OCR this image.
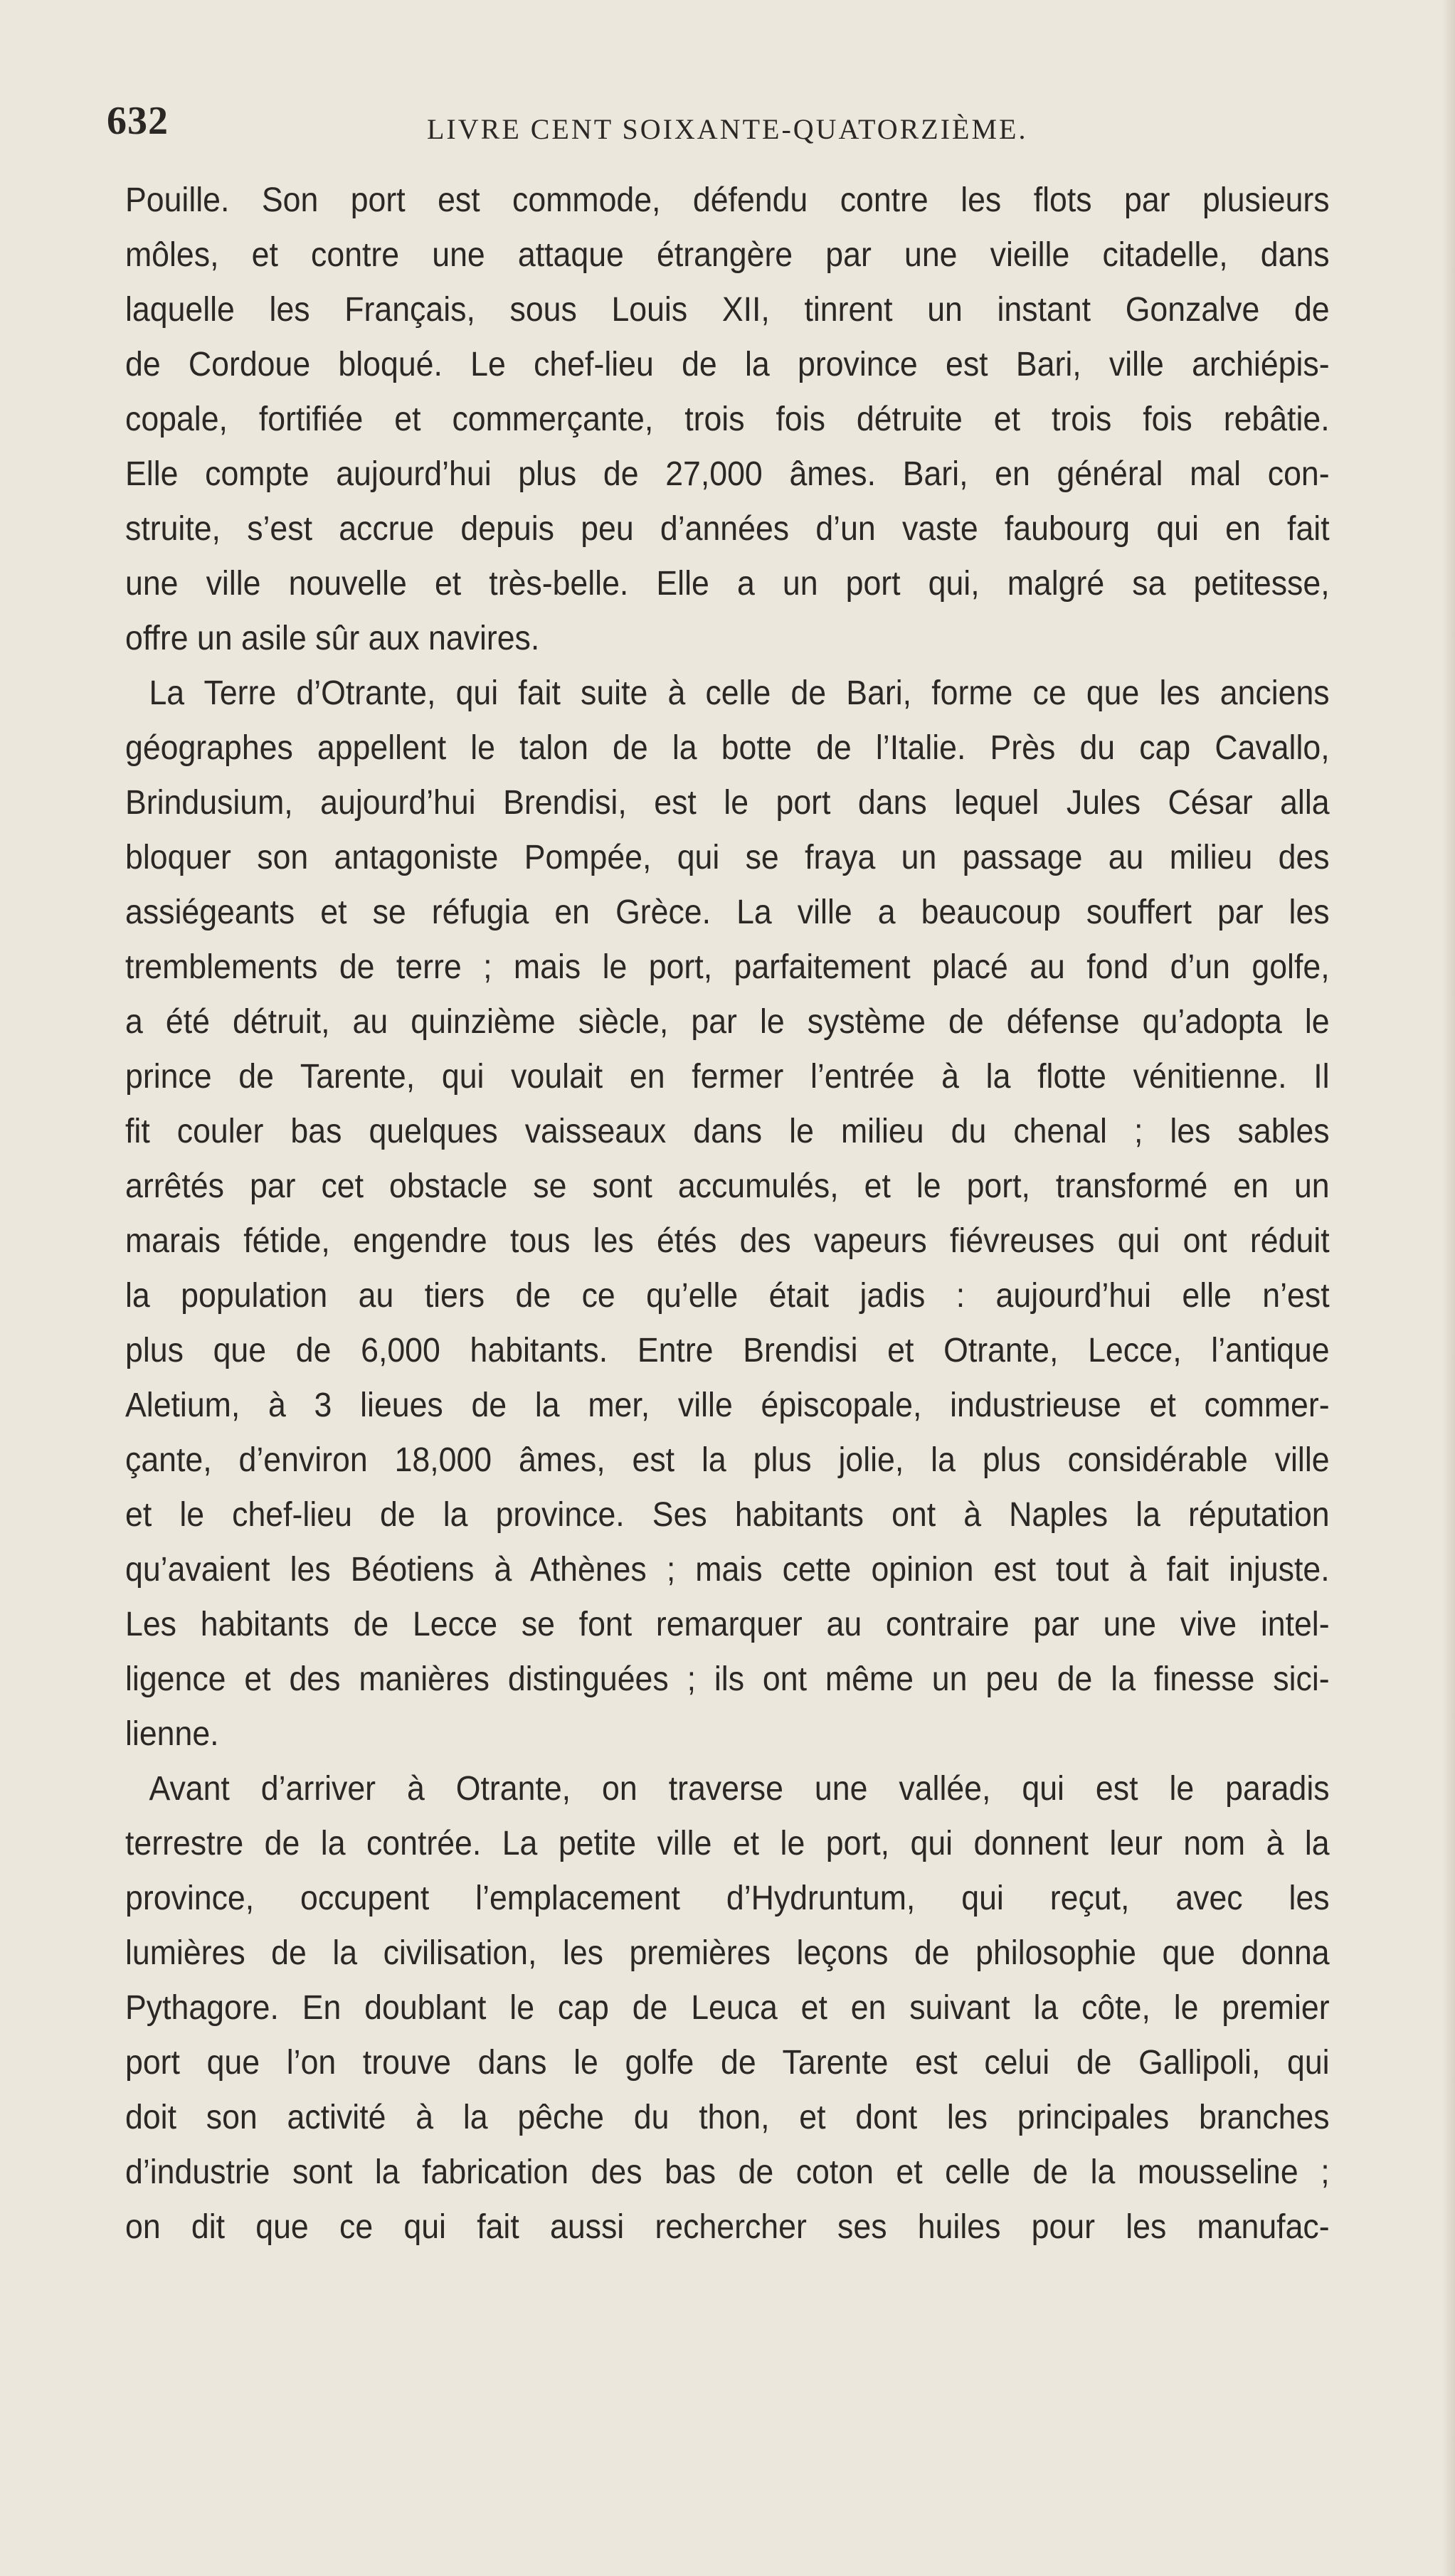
632	LIVRE CENT SOIXANTE-QUATORZIÈME.
Pouille. Son port est commode, défendu contre les flots par plusieurs
môles, et contre une attaque étrangère par une vieille citadelle, dans
laquelle les Français, sous Louis XII, tinrent un instant Gonzalve de
de Cordoue bloqué. Le chef-lieu de la province est Bari, ville archiépis-
copale, fortifiée et commerçante, trois fois détruite et trois fois rebâtie.
Elle compte aujourd’hui plus de 27,000 âmes. Bari, en général mal con-
struite, s’est accrue depuis peu d’années d’un vaste faubourg qui en fait
une ville nouvelle et très-belle. Elle a un port qui, malgré sa petitesse,
offre un asile sûr aux navires.
La Terre d’Otrante, qui fait suite à celle de Bari, forme ce que les anciens
géographes appellent le talon de la botte de l’Italie. Près du cap Cavallo,
Brindusium, aujourd’hui Brendisi, est le port dans lequel Jules César alla
bloquer son antagoniste Pompée, qui se fraya un passage au milieu des
assiégeants et se réfugia en Grèce. La ville a beaucoup souffert par les
tremblements de terre ; mais le port, parfaitement placé au fond d’un golfe,
a été détruit, au quinzième siècle, par le système de défense qu’adopta le
prince de Tarente, qui voulait en fermer l’entrée à la flotte vénitienne. Il
fit couler bas quelques vaisseaux dans le milieu du chenal ; les sables
arrêtés par cet obstacle se sont accumulés, et le port, transformé en un
marais fétide, engendre tous les étés des vapeurs fiévreuses qui ont réduit
la population au tiers de ce qu’elle était jadis : aujourd’hui elle n’est
plus que de 6,000 habitants. Entre Brendisi et Otrante, Lecce, l’antique
Aletium, à 3 lieues de la mer, ville épiscopale, industrieuse et commer-
çante, d’environ 18,000 âmes, est la plus jolie, la plus considérable ville
et le chef-lieu de la province. Ses habitants ont à Naples la réputation
qu’avaient les Béotiens à Athènes ; mais cette opinion est tout à fait injuste.
Les habitants de Lecce se font remarquer au contraire par une vive intel-
ligence et des manières distinguées ; ils ont même un peu de la finesse sici-
lienne.
Avant d’arriver à Otrante, on traverse une vallée, qui est le paradis
terrestre de la contrée. La petite ville et le port, qui donnent leur nom à la
province, occupent l’emplacement d’Hydruntum, qui reçut, avec les
lumières de la civilisation, les premières leçons de philosophie que donna
Pythagore. En doublant le cap de Leuca et en suivant la côte, le premier
port que l’on trouve dans le golfe de Tarente est celui de Gallipoli, qui
doit son activité à la pêche du thon, et dont les principales branches
d’industrie sont la fabrication des bas de coton et celle de la mousseline ;
on dit que ce qui fait aussi rechercher ses huiles pour les manufac-
